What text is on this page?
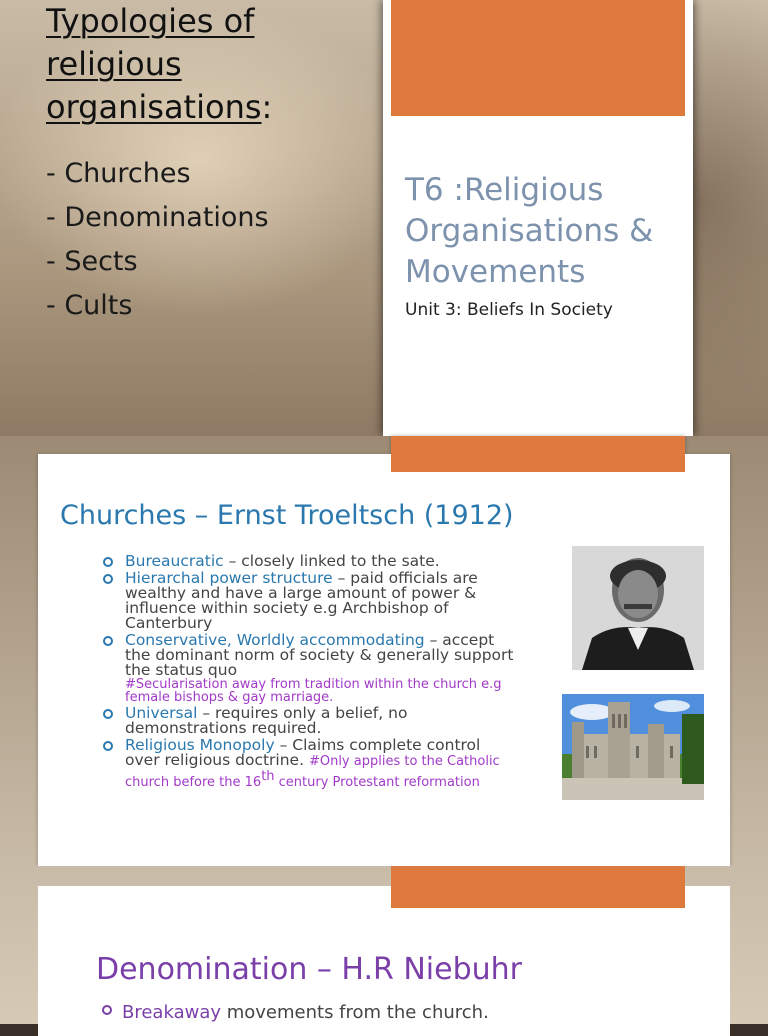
Typologies of
religious
organisations:
- Churches
- Denominations
- Sects
- Cults
T6 :Religious Organisations & Movements
Unit 3: Beliefs In Society
Churches – Ernst Troeltsch (1912)
Bureaucratic – closely linked to the sate.
Hierarchal power structure – paid officials are wealthy and have a large amount of power & influence within society e.g Archbishop of Canterbury
Conservative, Worldly accommodating – accept the dominant norm of society & generally support the status quo
#Secularisation away from tradition within the church e.g female bishops & gay marriage.
Universal – requires only a belief, no demonstrations required.
Religious Monopoly – Claims complete control over religious doctrine. #Only applies to the Catholic church before the 16th century Protestant reformation
Denomination – H.R Niebuhr
Breakaway movements from the church.
